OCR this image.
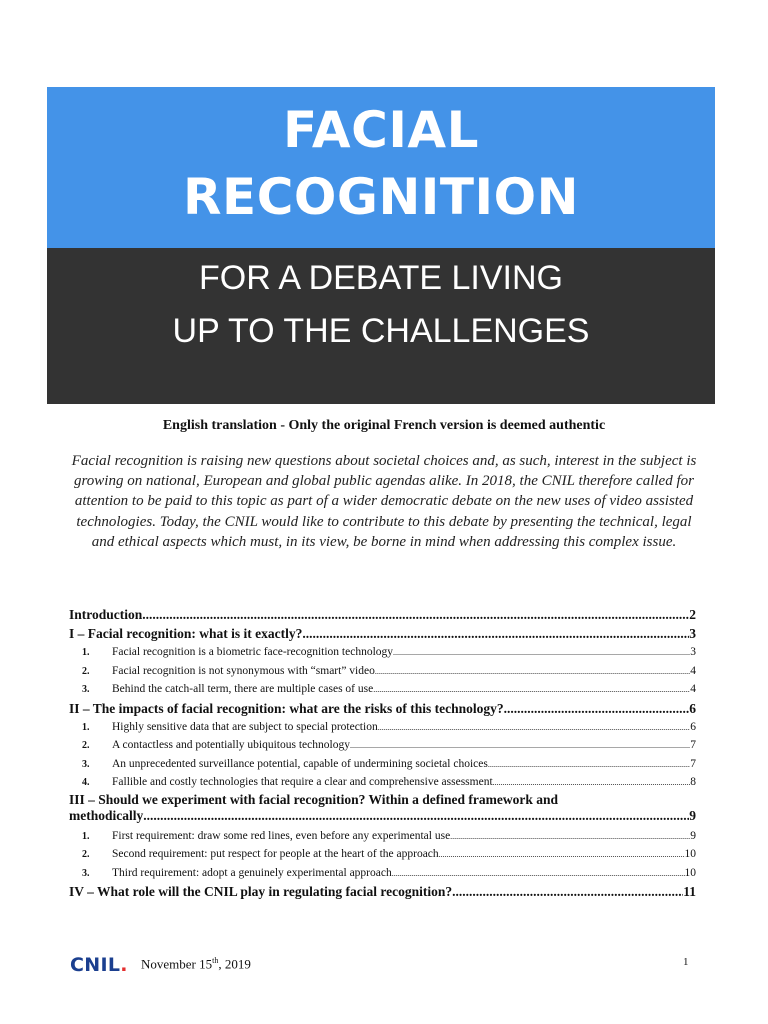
FACIAL
RECOGNITION
FOR A DEBATE LIVING
UP TO THE CHALLENGES
English translation - Only the original French version is deemed authentic
Facial recognition is raising new questions about societal choices and, as such, interest in the subject is growing on national, European and global public agendas alike. In 2018, the CNIL therefore called for attention to be paid to this topic as part of a wider democratic debate on the new uses of video assisted technologies. Today, the CNIL would like to contribute to this debate by presenting the technical, legal and ethical aspects which must, in its view, be borne in mind when addressing this complex issue.
Introduction .....	2
I – Facial recognition: what is it exactly? .....	3
1.	Facial recognition is a biometric face-recognition technology .....	3
2.	Facial recognition is not synonymous with “smart” video .....	4
3.	Behind the catch-all term, there are multiple cases of use .....	4
II – The impacts of facial recognition: what are the risks of this technology? .....	6
1.	Highly sensitive data that are subject to special protection .....	6
2.	A contactless and potentially ubiquitous technology .....	7
3.	An unprecedented surveillance potential, capable of undermining societal choices .....	7
4.	Fallible and costly technologies that require a clear and comprehensive assessment .....	8
III – Should we experiment with facial recognition? Within a defined framework and
methodically .....	9
1.	First requirement: draw some red lines, even before any experimental use .....	9
2.	Second requirement: put respect for people at the heart of the approach .....	10
3.	Third requirement: adopt a genuinely experimental approach .....	10
IV – What role will the CNIL play in regulating facial recognition? .....	11
CNIL. November 15th, 2019	1
